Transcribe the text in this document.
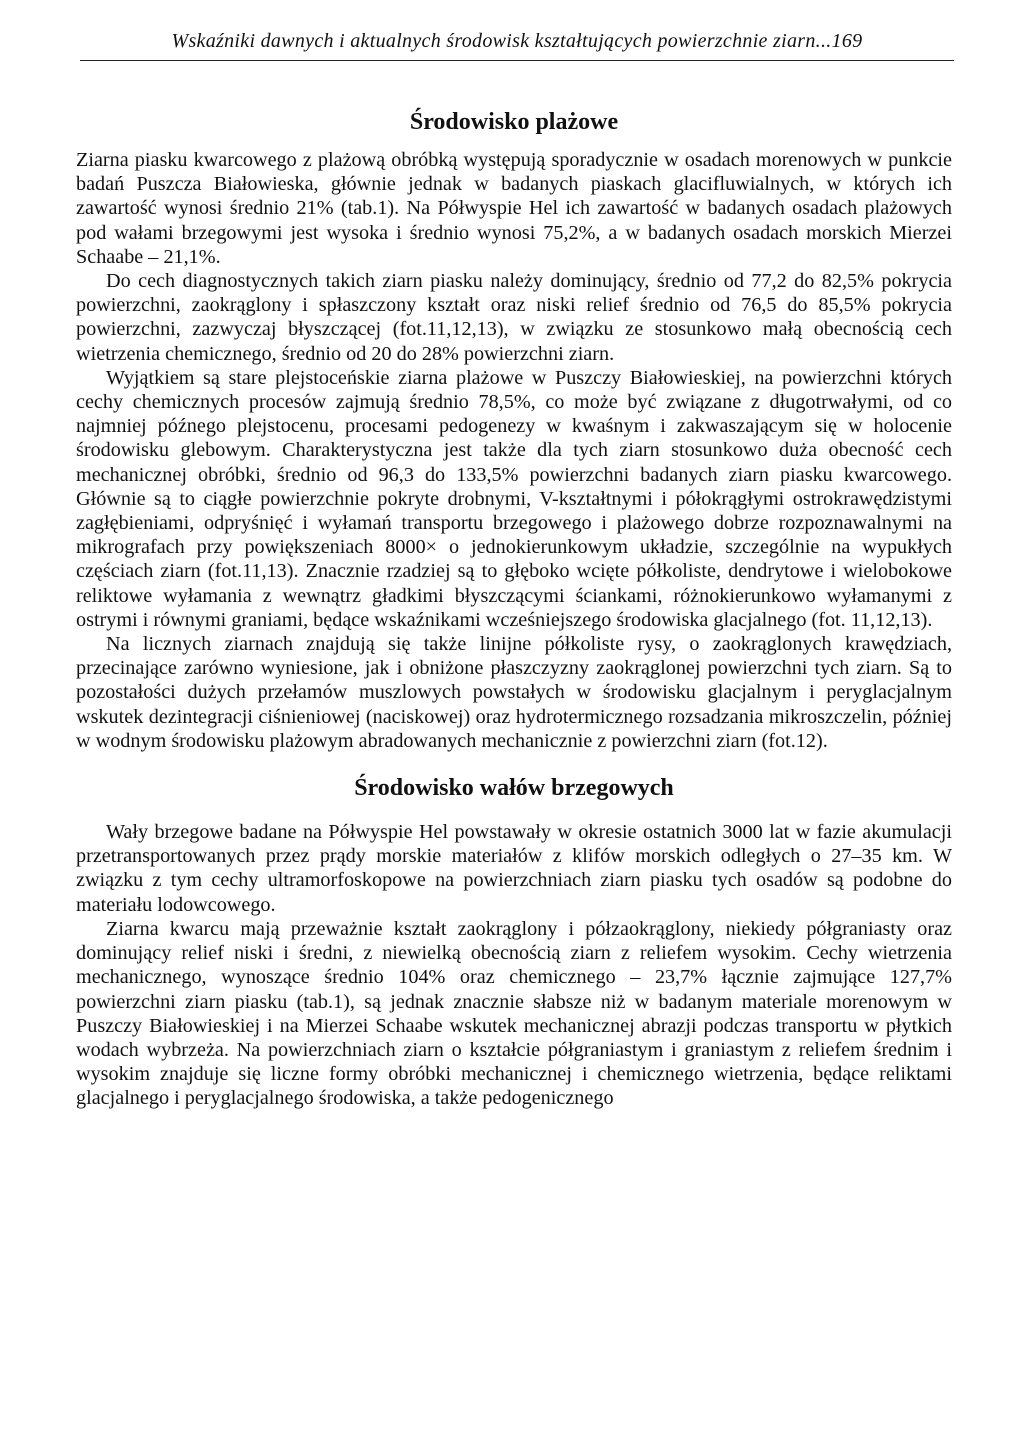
Wskaźniki dawnych i aktualnych środowisk kształtujących powierzchnie ziarn...169
Środowisko plażowe

Ziarna piasku kwarcowego z plażową obróbką występują sporadycznie w osadach morenowych w punkcie badań Puszcza Białowieska, głównie jednak w badanych piaskach glacifluwialnych, w których ich zawartość wynosi średnio 21% (tab.1). Na Półwyspie Hel ich zawartość w badanych osadach plażowych pod wałami brzegowymi jest wysoka i średnio wynosi 75,2%, a w badanych osadach morskich Mierzei Schaabe – 21,1%.

Do cech diagnostycznych takich ziarn piasku należy dominujący, średnio od 77,2 do 82,5% pokrycia powierzchni, zaokrąglony i spłaszczony kształt oraz niski relief średnio od 76,5 do 85,5% pokrycia powierzchni, zazwyczaj błyszczącej (fot.11,12,13), w związku ze stosunkowo małą obecnością cech wietrzenia chemicznego, średnio od 20 do 28% powierzchni ziarn.

Wyjątkiem są stare plejstoceńskie ziarna plażowe w Puszczy Białowieskiej, na powierzchni których cechy chemicznych procesów zajmują średnio 78,5%, co może być związane z długotrwałymi, od co najmniej późnego plejstocenu, procesami pedogenezy w kwaśnym i zakwaszającym się w holocenie środowisku glebowym. Charakterystyczna jest także dla tych ziarn stosunkowo duża obecność cech mechanicznej obróbki, średnio od 96,3 do 133,5% powierzchni badanych ziarn piasku kwarcowego. Głównie są to ciągłe powierzchnie pokryte drobnymi, V-kształtnymi i półokrągłymi ostrokrawędzistymi zagłębieniami, odpryśnięć i wyłamań transportu brzegowego i plażowego dobrze rozpoznawalnymi na mikrografach przy powiększeniach 8000× o jednokierunkowym układzie, szczególnie na wypukłych częściach ziarn (fot.11,13). Znacznie rzadziej są to głęboko wcięte półkoliste, dendrytowe i wielobokowe reliktowe wyłamania z wewnątrz gładkimi błyszczącymi ściankami, różnokierunkowo wyłamanymi z ostrymi i równymi graniami, będące wskaźnikami wcześniejszego środowiska glacjalnego (fot. 11,12,13).

Na licznych ziarnach znajdują się także linijne półkoliste rysy, o zaokrąglonych krawędziach, przecinające zarówno wyniesione, jak i obniżone płaszczyzny zaokrąglonej powierzchni tych ziarn. Są to pozostałości dużych przełamów muszlowych powstałych w środowisku glacjalnym i peryglacjalnym wskutek dezintegracji ciśnieniowej (naciskowej) oraz hydrotermicznego rozsadzania mikroszczelin, później w wodnym środowisku plażowym abradowanych mechanicznie z powierzchni ziarn (fot.12).

Środowisko wałów brzegowych

Wały brzegowe badane na Półwyspie Hel powstawały w okresie ostatnich 3000 lat w fazie akumulacji przetransportowanych przez prądy morskie materiałów z klifów morskich odległych o 27–35 km. W związku z tym cechy ultramorfoskopowe na powierzchniach ziarn piasku tych osadów są podobne do materiału lodowcowego.

Ziarna kwarcu mają przeważnie kształt zaokrąglony i półzaokrąglony, niekiedy półgraniasty oraz dominujący relief niski i średni, z niewielką obecnością ziarn z reliefem wysokim. Cechy wietrzenia mechanicznego, wynoszące średnio 104% oraz chemicznego – 23,7% łącznie zajmujące 127,7% powierzchni ziarn piasku (tab.1), są jednak znacznie słabsze niż w badanym materiale morenowym w Puszczy Białowieskiej i na Mierzei Schaabe wskutek mechanicznej abrazji podczas transportu w płytkich wodach wybrzeża. Na powierzchniach ziarn o kształcie półgraniastym i graniastym z reliefem średnim i wysokim znajduje się liczne formy obróbki mechanicznej i chemicznego wietrzenia, będące reliktami glacjalnego i peryglacjalnego środowiska, a także pedogenicznego
